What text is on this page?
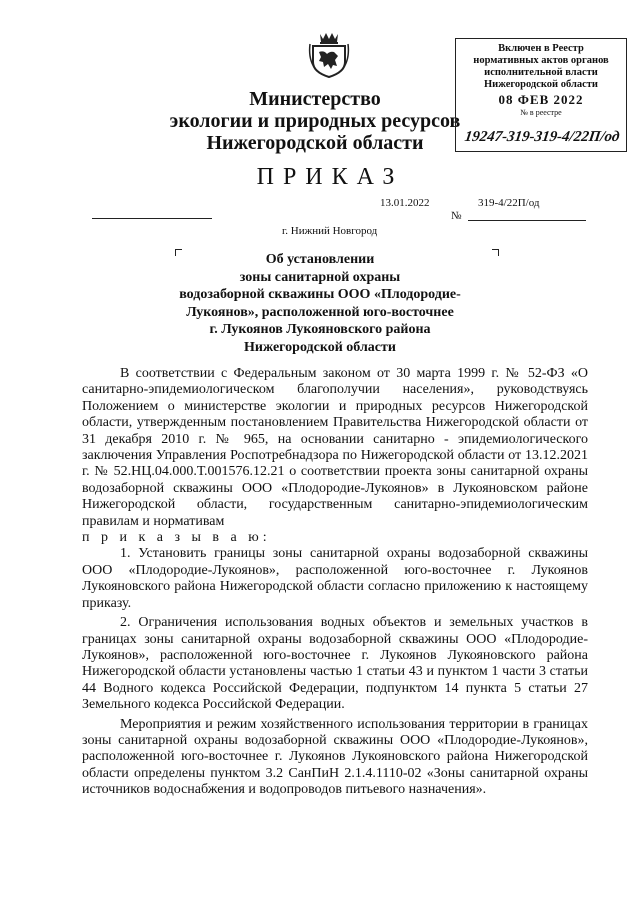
Министерство
экологии и природных ресурсов
Нижегородской области
Включен в Реестр
нормативных актов органов
исполнительной власти
Нижегородской области
08 ФЕВ 2022
№ в реестре
19247-319-319-4/22П/од
ПРИКАЗ
13.01.2022	319-4/22П/од
№
г. Нижний Новгород
Об установлении
зоны санитарной охраны
водозаборной скважины ООО «Плодородие-
Лукоянов», расположенной юго-восточнее
г. Лукоянов Лукояновского района
Нижегородской области

В соответствии с Федеральным законом от 30 марта 1999 г. № 52-ФЗ «О санитарно-эпидемиологическом благополучии населения», руководствуясь Положением о министерстве экологии и природных ресурсов Нижегородской области, утвержденным постановлением Правительства Нижегородской области от 31 декабря 2010 г. № 965, на основании санитарно - эпидемиологического заключения Управления Роспотребнадзора по Нижегородской области от 13.12.2021 г. № 52.НЦ.04.000.Т.001576.12.21 о соответствии проекта зоны санитарной охраны водозаборной скважины ООО «Плодородие-Лукоянов» в Лукояновском районе Нижегородской области, государственным санитарно-эпидемиологическим правилам и нормативам

п р и к а з ы в а ю:

1. Установить границы зоны санитарной охраны водозаборной скважины ООО «Плодородие-Лукоянов», расположенной юго-восточнее г. Лукоянов Лукояновского района Нижегородской области согласно приложению к настоящему приказу.

2. Ограничения использования водных объектов и земельных участков в границах зоны санитарной охраны водозаборной скважины ООО «Плодородие-Лукоянов», расположенной юго-восточнее г. Лукоянов Лукояновского района Нижегородской области установлены частью 1 статьи 43 и пунктом 1 части 3 статьи 44 Водного кодекса Российской Федерации, подпунктом 14 пункта 5 статьи 27 Земельного кодекса Российской Федерации.

Мероприятия и режим хозяйственного использования территории в границах зоны санитарной охраны водозаборной скважины ООО «Плодородие-Лукоянов», расположенной юго-восточнее г. Лукоянов Лукояновского района Нижегородской области определены пунктом 3.2 СанПиН 2.1.4.1110-02 «Зоны санитарной охраны источников водоснабжения и водопроводов питьевого назначения».
